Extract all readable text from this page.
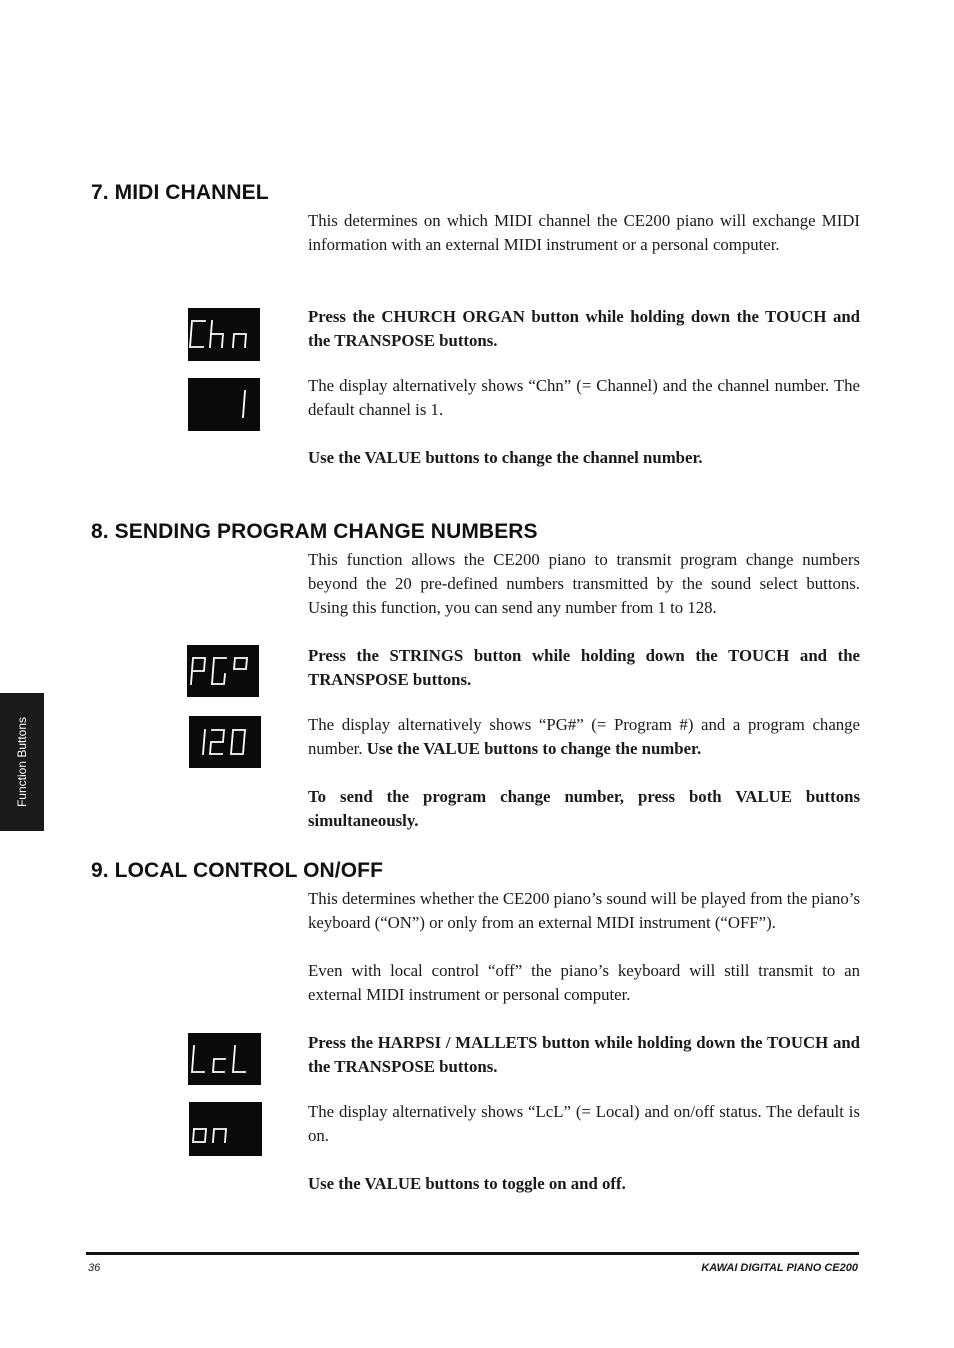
7. MIDI CHANNEL

This determines on which MIDI channel the CE200 piano will exchange MIDI information with an external MIDI instrument or a personal computer.

Press the CHURCH ORGAN button while holding down the TOUCH and the TRANSPOSE buttons.

The display alternatively shows “Chn” (= Channel) and the channel number. The default channel is 1.

Use the VALUE buttons to change the channel number.

8. SENDING PROGRAM CHANGE NUMBERS

This function allows the CE200 piano to transmit program change numbers beyond the 20 pre-defined numbers transmitted by the sound select buttons. Using this function, you can send any number from 1 to 128.

Press the STRINGS button while holding down the TOUCH and the TRANSPOSE buttons.

The display alternatively shows “PG#” (= Program #) and a program change number. Use the VALUE buttons to change the number.

To send the program change number, press both VALUE buttons simultaneously.

Function Buttons
9. LOCAL CONTROL ON/OFF

This determines whether the CE200 piano’s sound will be played from the piano’s keyboard (“ON”) or only from an external MIDI instrument (“OFF”).

Even with local control “off” the piano’s keyboard will still transmit to an external MIDI instrument or personal computer.

Press the HARPSI / MALLETS button while holding down the TOUCH and the TRANSPOSE buttons.

The display alternatively shows “LcL” (= Local) and on/off status. The default is on.

Use the VALUE buttons to toggle on and off.

36	KAWAI DIGITAL PIANO CE200
